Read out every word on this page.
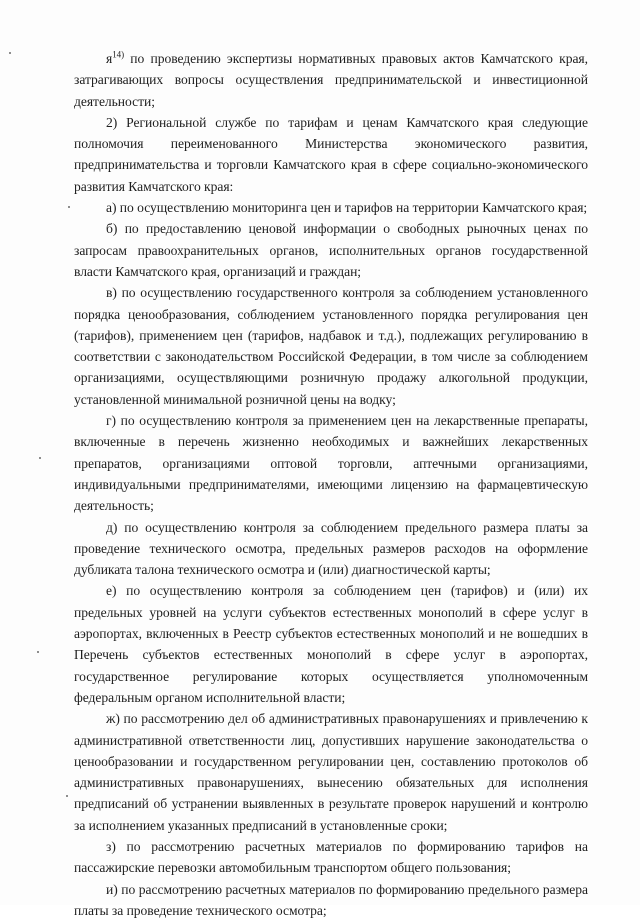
$я^{14)}$ по проведению экспертизы нормативных правовых актов Камчатского края, затрагивающих вопросы осуществления предпринимательской и инвестиционной деятельности;

2) Региональной службе по тарифам и ценам Камчатского края следующие полномочия переименованного Министерства экономического развития, предпринимательства и торговли Камчатского края в сфере социально-экономического развития Камчатского края:

а) по осуществлению мониторинга цен и тарифов на территории Камчатского края;

б) по предоставлению ценовой информации о свободных рыночных ценах по запросам правоохранительных органов, исполнительных органов государственной власти Камчатского края, организаций и граждан;

в) по осуществлению государственного контроля за соблюдением установленного порядка ценообразования, соблюдением установленного порядка регулирования цен (тарифов), применением цен (тарифов, надбавок и т.д.), подлежащих регулированию в соответствии с законодательством Российской Федерации, в том числе за соблюдением организациями, осуществляющими розничную продажу алкогольной продукции, установленной минимальной розничной цены на водку;

г) по осуществлению контроля за применением цен на лекарственные препараты, включенные в перечень жизненно необходимых и важнейших лекарственных препаратов, организациями оптовой торговли, аптечными организациями, индивидуальными предпринимателями, имеющими лицензию на фармацевтическую деятельность;

д) по осуществлению контроля за соблюдением предельного размера платы за проведение технического осмотра, предельных размеров расходов на оформление дубликата талона технического осмотра и (или) диагностической карты;

е) по осуществлению контроля за соблюдением цен (тарифов) и (или) их предельных уровней на услуги субъектов естественных монополий в сфере услуг в аэропортах, включенных в Реестр субъектов естественных монополий и не вошедших в Перечень субъектов естественных монополий в сфере услуг в аэропортах, государственное регулирование которых осуществляется уполномоченным федеральным органом исполнительной власти;

ж) по рассмотрению дел об административных правонарушениях и привлечению к административной ответственности лиц, допустивших нарушение законодательства о ценообразовании и государственном регулировании цен, составлению протоколов об административных правонарушениях, вынесению обязательных для исполнения предписаний об устранении выявленных в результате проверок нарушений и контролю за исполнением указанных предписаний в установленные сроки;

з) по рассмотрению расчетных материалов по формированию тарифов на пассажирские перевозки автомобильным транспортом общего пользования;

и) по рассмотрению расчетных материалов по формированию предельного размера платы за проведение технического осмотра;
